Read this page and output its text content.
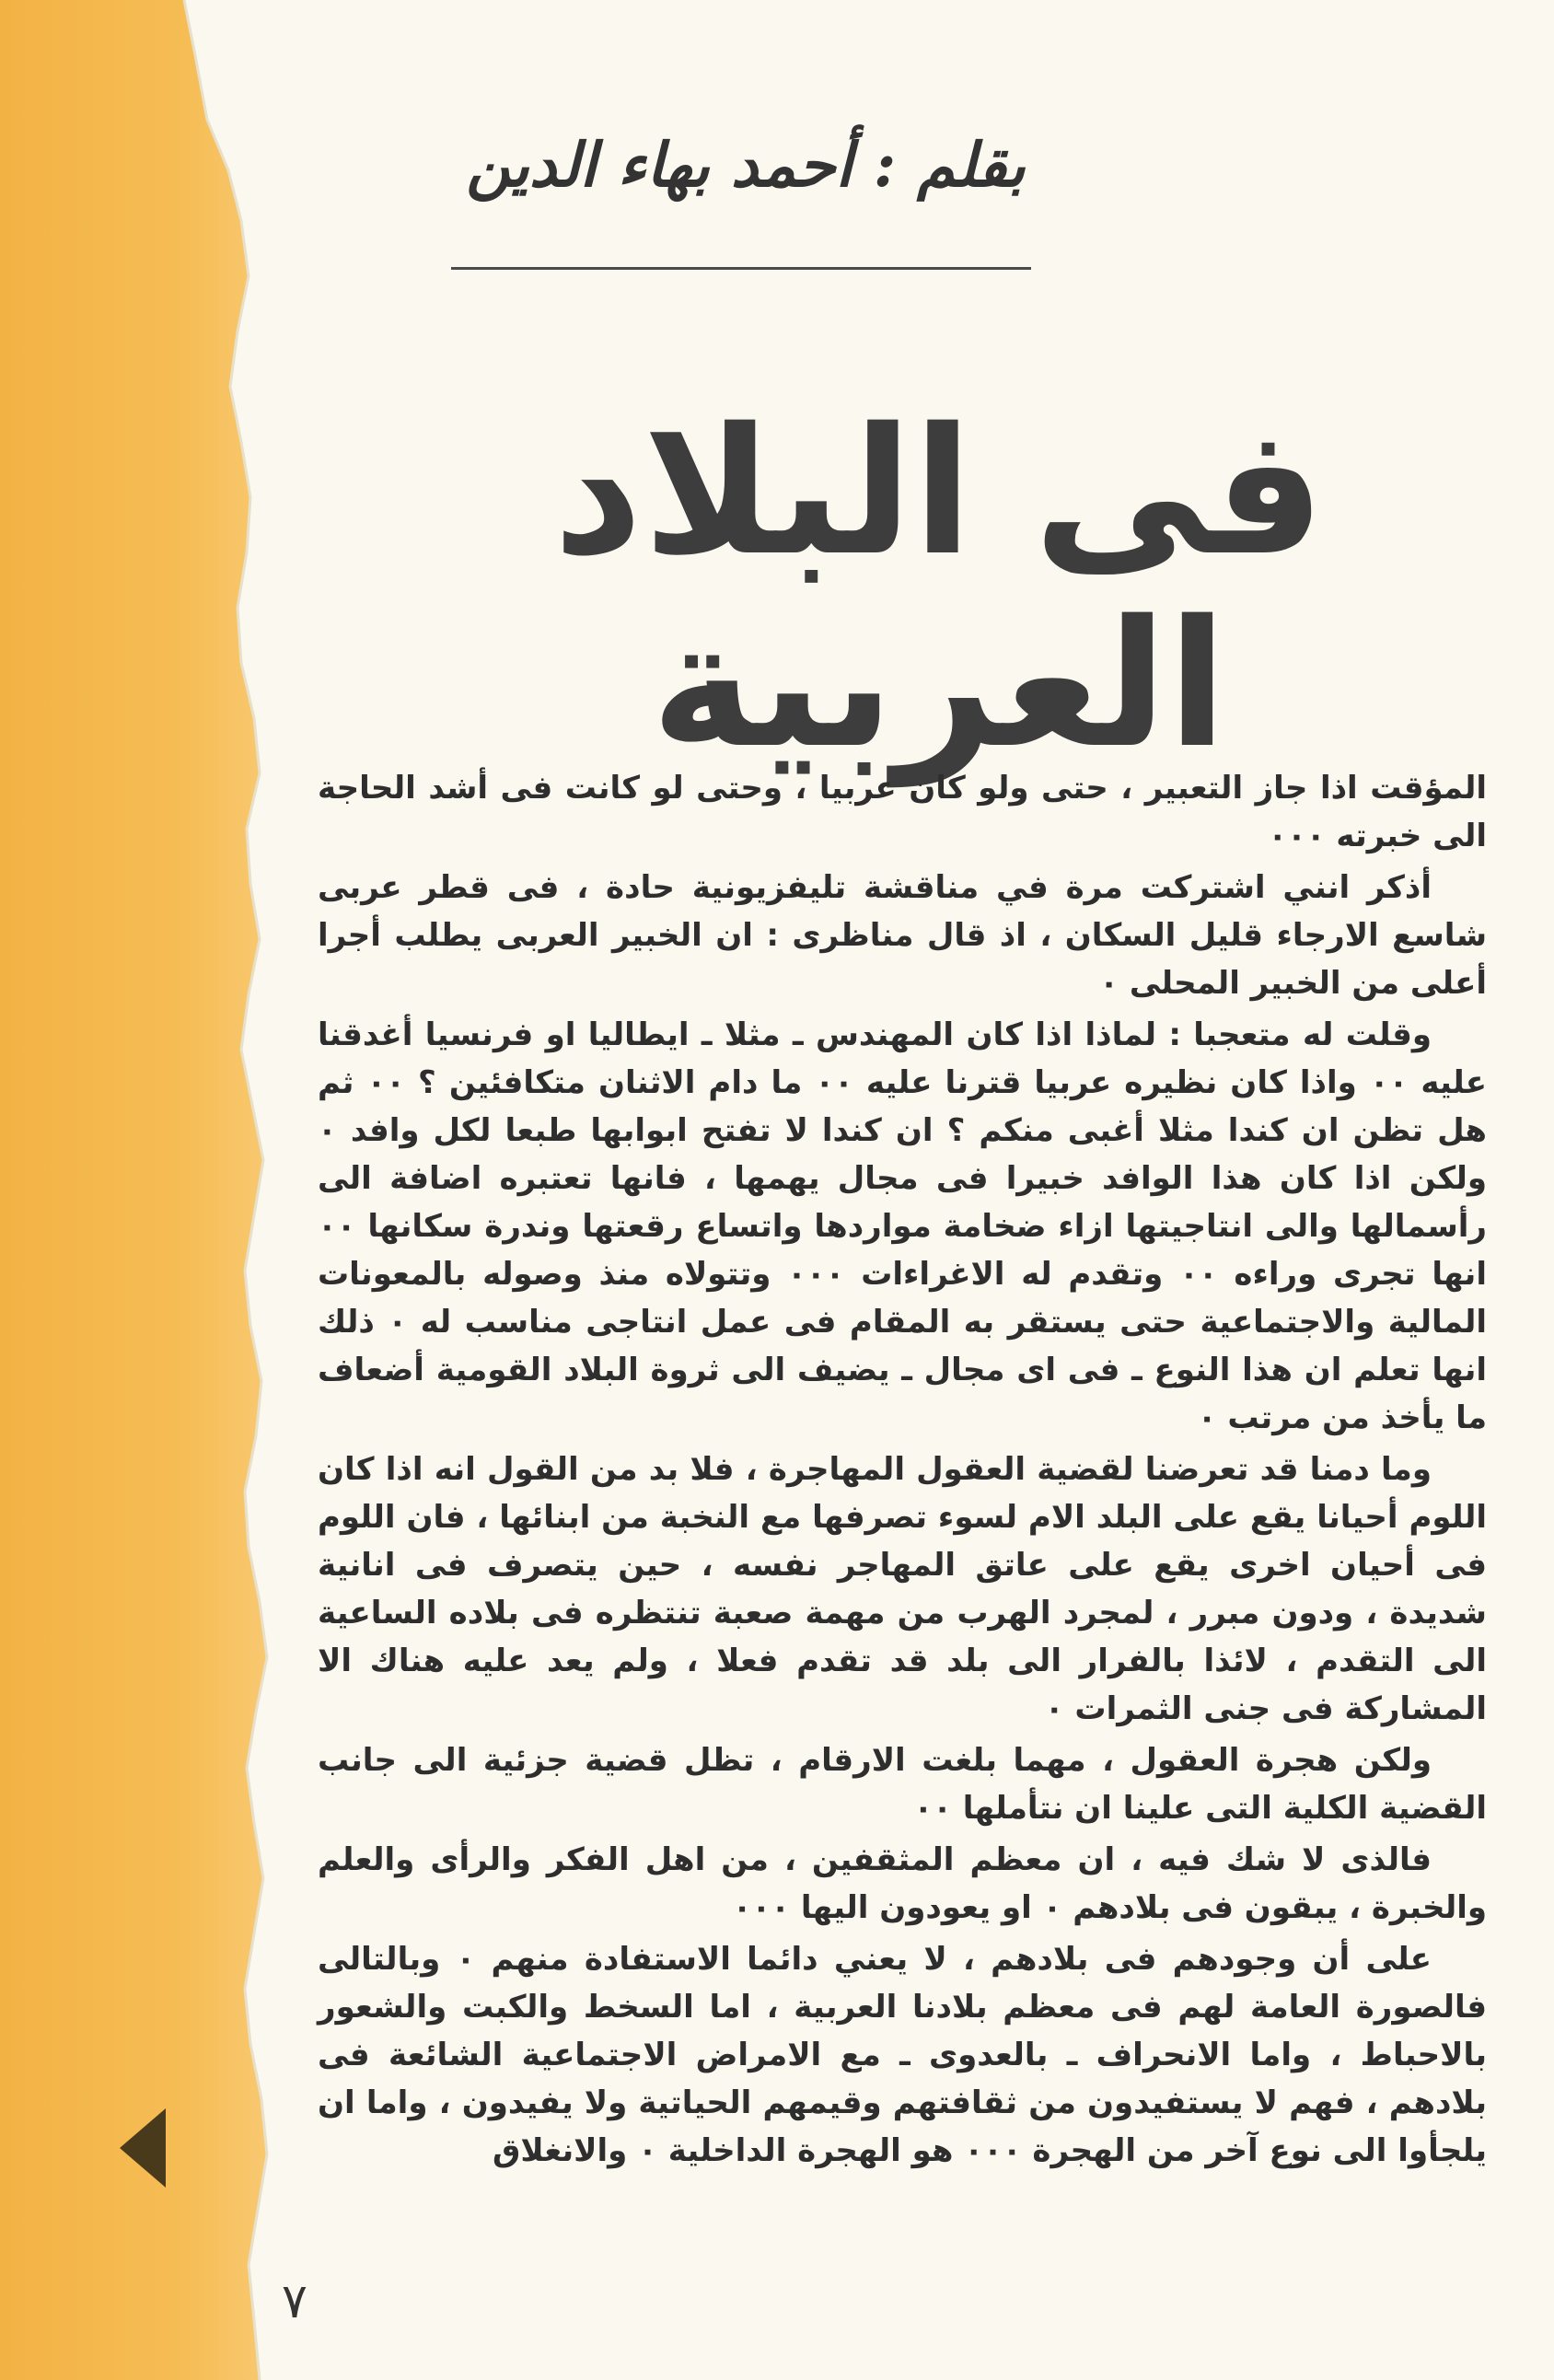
بقلم : أحمد بهاء الدين
فى البلاد العربية

المؤقت اذا جاز التعبير ، حتى ولو كان عربيا ، وحتى لو كانت فى أشد الحاجة الى خبرته ٠٠٠

أذكر انني اشتركت مرة في مناقشة تليفزيونية حادة ، فى قطر عربى شاسع الارجاء قليل السكان ، اذ قال مناظرى : ان الخبير العربى يطلب أجرا أعلى من الخبير المحلى ٠

وقلت له متعجبا : لماذا اذا كان المهندس ـ مثلا ـ ايطاليا او فرنسيا أغدقنا عليه ٠٠ واذا كان نظيره عربيا قترنا عليه ٠٠ ما دام الاثنان متكافئين ؟ ٠٠ ثم هل تظن ان كندا مثلا أغبى منكم ؟ ان كندا لا تفتح ابوابها طبعا لكل وافد ٠ ولكن اذا كان هذا الوافد خبيرا فى مجال يهمها ، فانها تعتبره اضافة الى رأسمالها والى انتاجيتها ازاء ضخامة مواردها واتساع رقعتها وندرة سكانها ٠٠ انها تجرى وراءه ٠٠ وتقدم له الاغراءات ٠٠٠ وتتولاه منذ وصوله بالمعونات المالية والاجتماعية حتى يستقر به المقام فى عمل انتاجى مناسب له ٠ ذلك انها تعلم ان هذا النوع ـ فى اى مجال ـ يضيف الى ثروة البلاد القومية أضعاف ما يأخذ من مرتب ٠

وما دمنا قد تعرضنا لقضية العقول المهاجرة ، فلا بد من القول انه اذا كان اللوم أحيانا يقع على البلد الام لسوء تصرفها مع النخبة من ابنائها ، فان اللوم فى أحيان اخرى يقع على عاتق المهاجر نفسه ، حين يتصرف فى انانية شديدة ، ودون مبرر ، لمجرد الهرب من مهمة صعبة تنتظره فى بلاده الساعية الى التقدم ، لائذا بالفرار الى بلد قد تقدم فعلا ، ولم يعد عليه هناك الا المشاركة فى جنى الثمرات ٠

ولكن هجرة العقول ، مهما بلغت الارقام ، تظل قضية جزئية الى جانب القضية الكلية التى علينا ان نتأملها ٠٠

فالذى لا شك فيه ، ان معظم المثقفين ، من اهل الفكر والرأى والعلم والخبرة ، يبقون فى بلادهم ٠ او يعودون اليها ٠٠٠

على أن وجودهم فى بلادهم ، لا يعني دائما الاستفادة منهم ٠ وبالتالى فالصورة العامة لهم فى معظم بلادنا العربية ، اما السخط والكبت والشعور بالاحباط ، واما الانحراف ـ بالعدوى ـ مع الامراض الاجتماعية الشائعة فى بلادهم ، فهم لا يستفيدون من ثقافتهم وقيمهم الحياتية ولا يفيدون ، واما ان يلجأوا الى نوع آخر من الهجرة ٠٠٠ هو الهجرة الداخلية ٠ والانغلاق

٧
